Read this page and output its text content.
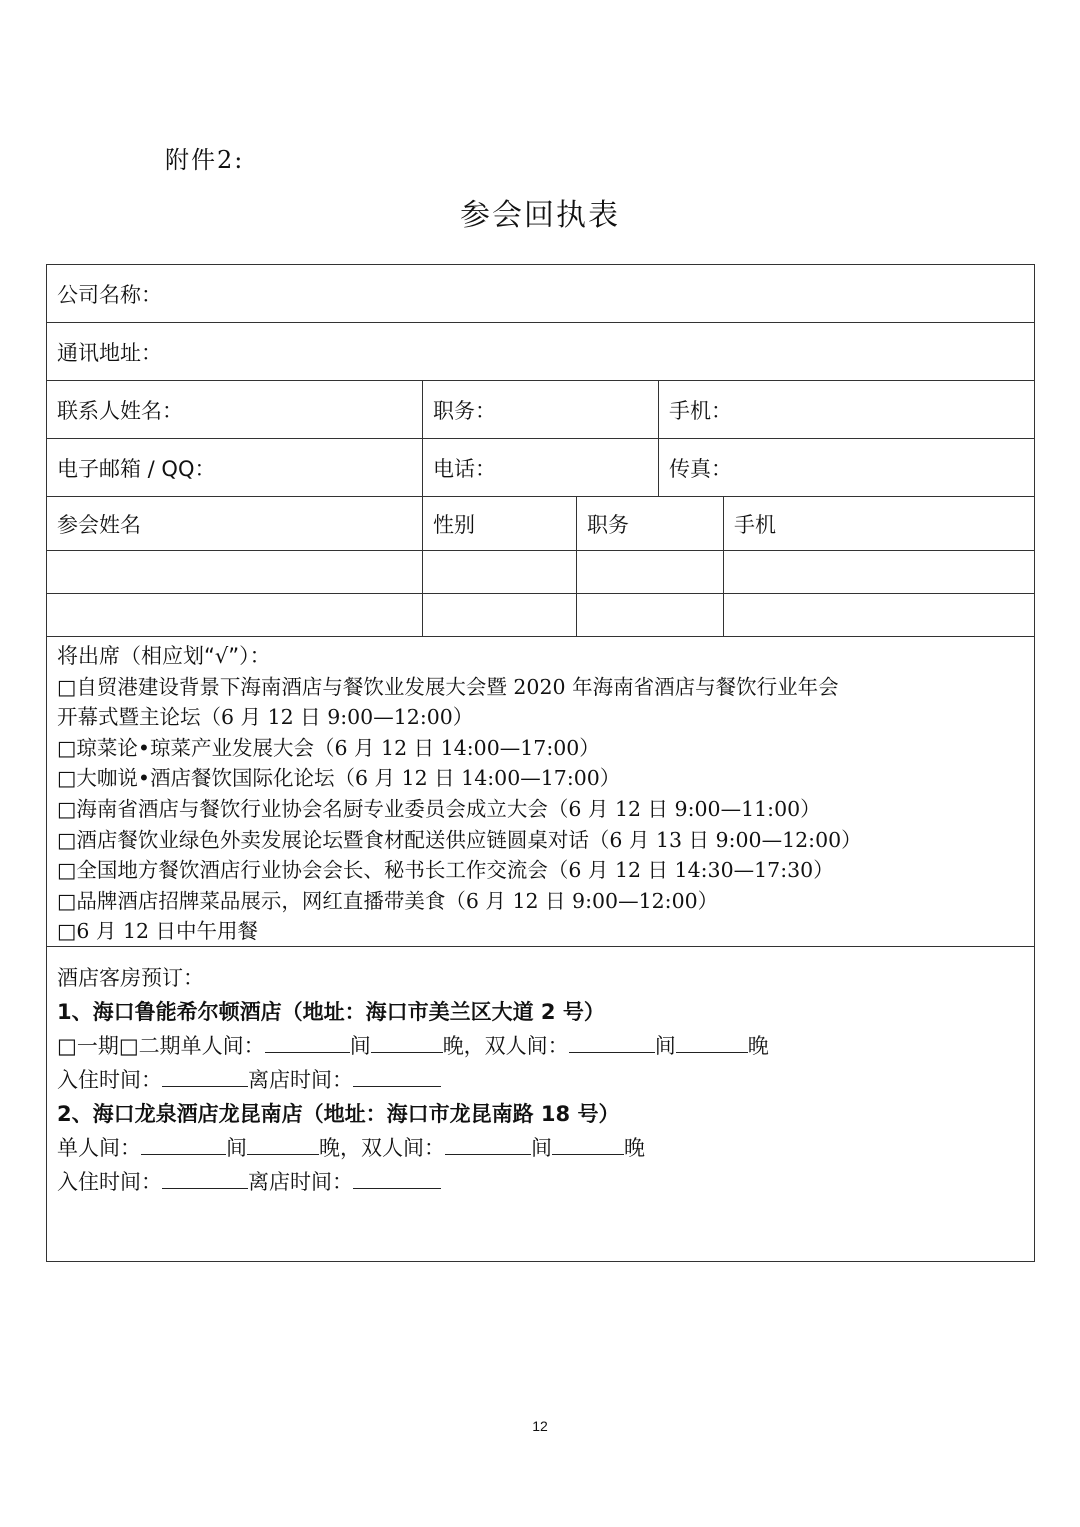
附件2:
参会回执表
公司名称：
通讯地址：
联系人姓名：	职务：	手机：
电子邮箱 / QQ：	电话：	传真：
参会姓名	性别	职务	手机
将出席（相应划“√”）：
□自贸港建设背景下海南酒店与餐饮业发展大会暨 2020 年海南省酒店与餐饮行业年会
开幕式暨主论坛（6 月 12 日 9:00—12:00）
□琼菜论•琼菜产业发展大会（6 月 12 日 14:00—17:00）
□大咖说•酒店餐饮国际化论坛（6 月 12 日 14:00—17:00）
□海南省酒店与餐饮行业协会名厨专业委员会成立大会（6 月 12 日 9:00—11:00）
□酒店餐饮业绿色外卖发展论坛暨食材配送供应链圆桌对话（6 月 13 日 9:00—12:00）
□全国地方餐饮酒店行业协会会长、秘书长工作交流会（6 月 12 日 14:30—17:30）
□品牌酒店招牌菜品展示，网红直播带美食（6 月 12 日 9:00—12:00）
□6 月 12 日中午用餐
酒店客房预订：
1、海口鲁能希尔顿酒店（地址：海口市美兰区大道 2 号）
□一期□二期单人间：	间	晚，双人间：	间	晚
入住时间：	离店时间：
2、海口龙泉酒店龙昆南店（地址：海口市龙昆南路 18 号）
单人间：	间	晚，双人间：	间	晚
入住时间：	离店时间：
12
